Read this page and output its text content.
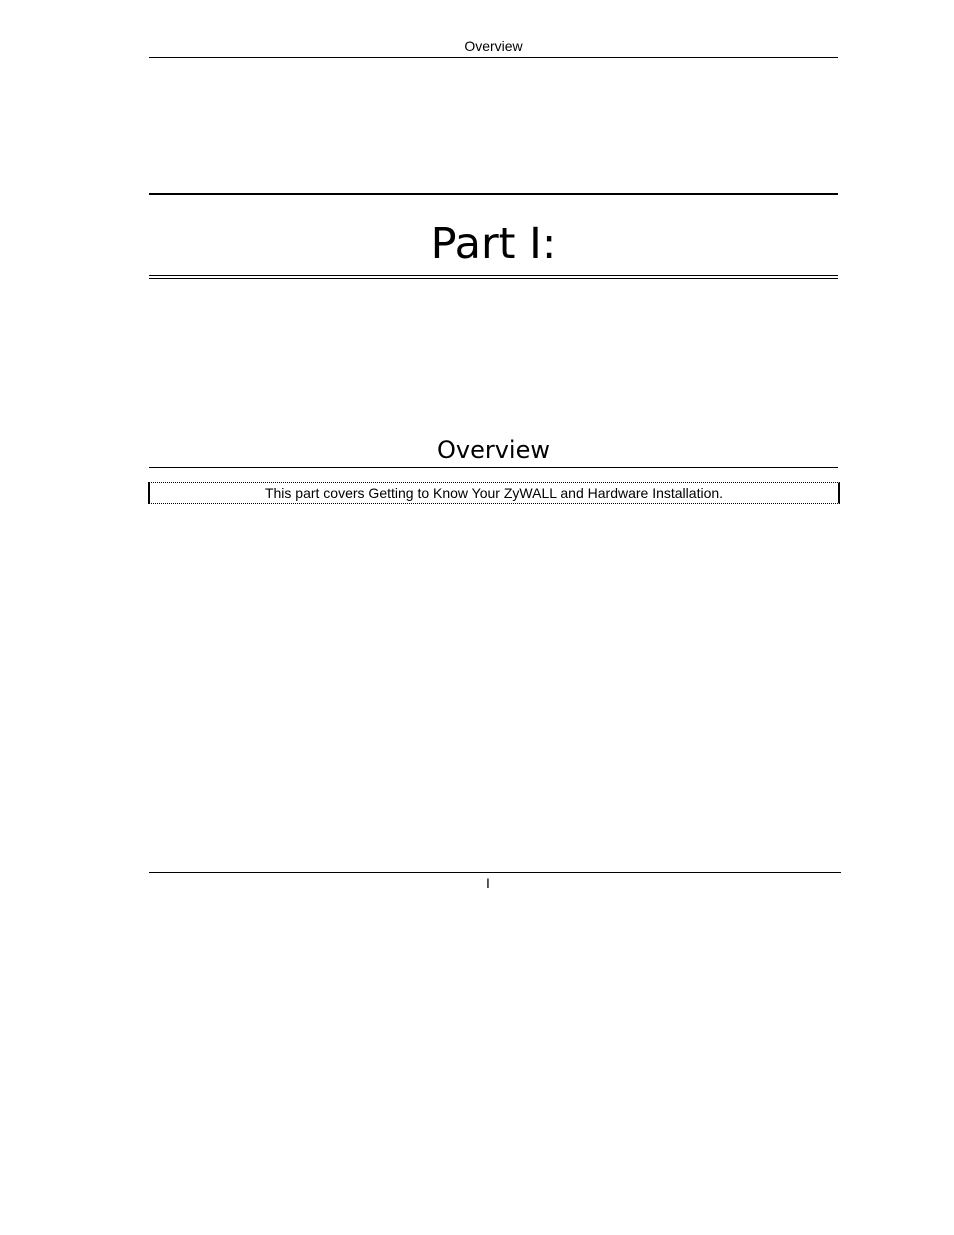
Overview
Part I:
Overview
This part covers Getting to Know Your ZyWALL and Hardware Installation.
I
